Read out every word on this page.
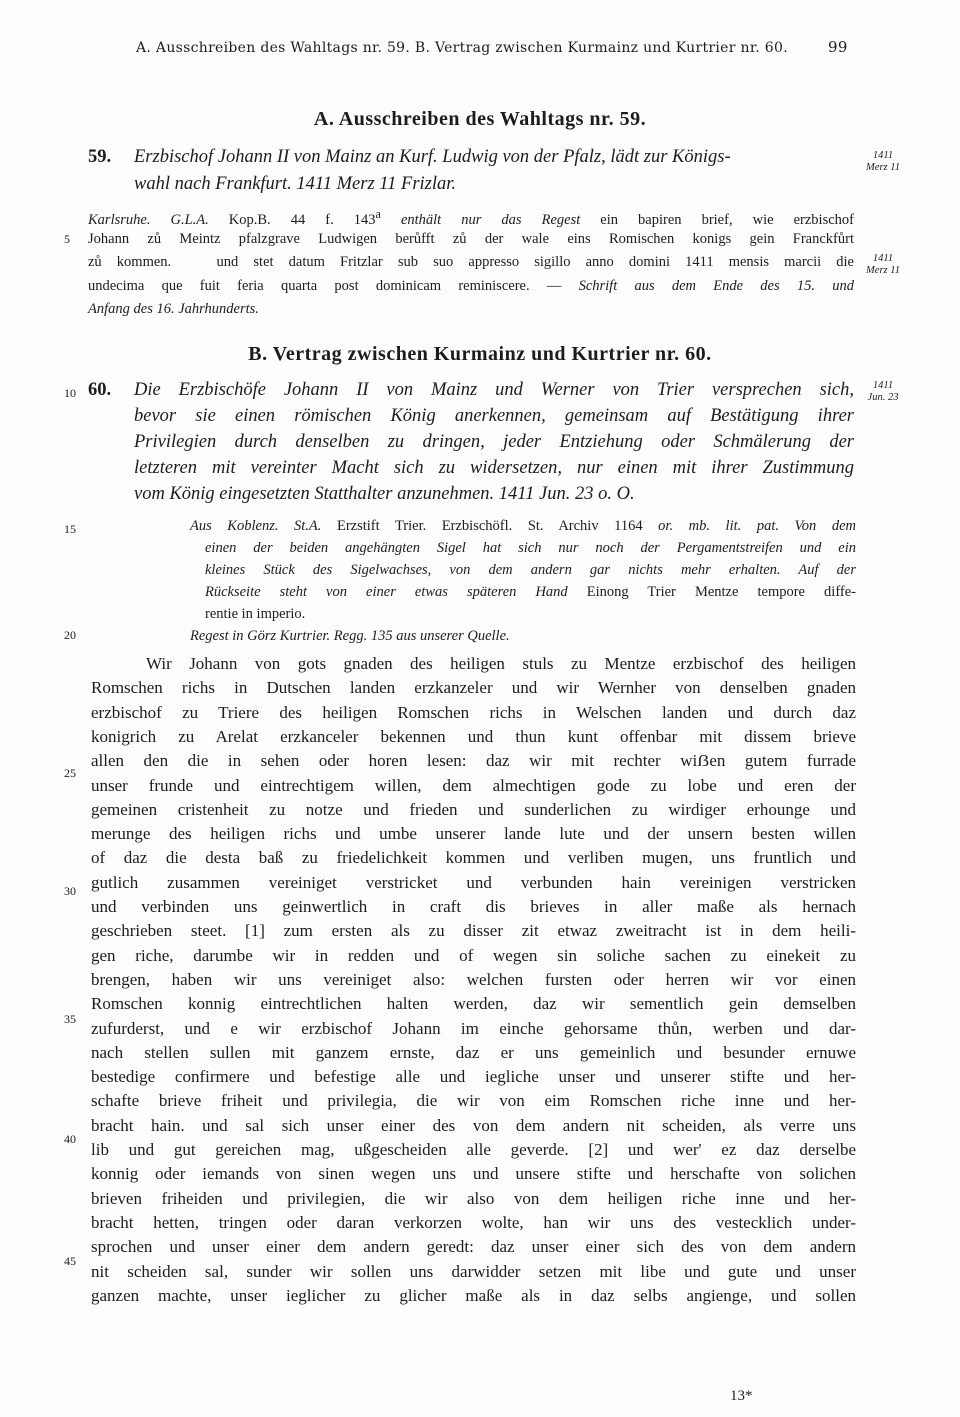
A. Ausschreiben des Wahltags nr. 59. B. Vertrag zwischen Kurmainz und Kurtrier nr. 60.	99
A. Ausschreiben des Wahltags nr. 59.
59. Erzbischof Johann II von Mainz an Kurf. Ludwig von der Pfalz, lädt zur Königs-
wahl nach Frankfurt. 1411 Merz 11 Frizlar.
1411
Merz 11
Karlsruhe. G.L.A. Kop.B. 44 f. 143$^a$ enthält nur das Regest ein bapiren brief, wie erzbischof
Johann zů Meintz pfalzgrave Ludwigen berůfft zů der wale eins Romischen konigs gein Franckfůrt
zů kommen.   und stet datum Fritzlar sub suo appresso sigillo anno domini 1411 mensis marcii die
undecima que fuit feria quarta post dominicam reminiscere. — Schrift aus dem Ende des 15. und
Anfang des 16. Jahrhunderts.
1411
Merz 11
B. Vertrag zwischen Kurmainz und Kurtrier nr. 60.
60. Die Erzbischöfe Johann II von Mainz und Werner von Trier versprechen sich,
bevor sie einen römischen König anerkennen, gemeinsam auf Bestätigung ihrer
Privilegien durch denselben zu dringen, jeder Entziehung oder Schmälerung der
letzteren mit vereinter Macht sich zu widersetzen, nur einen mit ihrer Zustimmung
vom König eingesetzten Statthalter anzunehmen. 1411 Jun. 23 o. O.
1411
Jun. 23
Aus Koblenz. St.A. Erzstift Trier. Erzbischöfl. St. Archiv 1164 or. mb. lit. pat. Von dem
einen der beiden angehängten Sigel hat sich nur noch der Pergamentstreifen und ein
kleines Stück des Sigelwachses, von dem andern gar nichts mehr erhalten. Auf der
Rückseite steht von einer etwas späteren Hand Einong Trier Mentze tempore diffe-
rentie in imperio.
Regest in Görz Kurtrier. Regg. 135 aus unserer Quelle.
5
10
15
20
25
30
35
40
45
Wir Johann von gots gnaden des heiligen stuls zu Mentze erzbischof des heiligen
Romschen richs in Dutschen landen erzkanzeler und wir Wernher von denselben gnaden
erzbischof zu Triere des heiligen Romschen richs in Welschen landen und durch daz
konigrich zu Arelat erzkanceler bekennen und thun kunt offenbar mit dissem brieve
allen den die in sehen oder horen lesen: daz wir mit rechter wiẞen gutem furrade
unser frunde und eintrechtigem willen, dem almechtigen gode zu lobe und eren der
gemeinen cristenheit zu notze und frieden und sunderlichen zu wirdiger erhounge und
merunge des heiligen richs und umbe unserer lande lute und der unsern besten willen
of daz die desta baß zu friedelichkeit kommen und verliben mugen, uns fruntlich und
gutlich zusammen vereiniget verstricket und verbunden hain vereinigen verstricken
und verbinden uns geinwertlich in craft dis brieves in aller maße als hernach
geschrieben steet. [1] zum ersten als zu disser zit etwaz zweitracht ist in dem heili-
gen riche, darumbe wir in redden und of wegen sin soliche sachen zu einekeit zu
brengen, haben wir uns vereiniget also: welchen fursten oder herren wir vor einen
Romschen konnig eintrechtlichen halten werden, daz wir sementlich gein demselben
zufurderst, und e wir erzbischof Johann im einche gehorsame thůn, werben und dar-
nach stellen sullen mit ganzem ernste, daz er uns gemeinlich und besunder ernuwe
bestedige confirmere und befestige alle und iegliche unser und unserer stifte und her-
schafte brieve friheit und privilegia, die wir von eim Romschen riche inne und her-
bracht hain. und sal sich unser einer des von dem andern nit scheiden, als verre uns
lib und gut gereichen mag, ußgescheiden alle geverde. [2] und wer' ez daz derselbe
konnig oder iemands von sinen wegen uns und unsere stifte und herschafte von solichen
brieven friheiden und privilegien, die wir also von dem heiligen riche inne und her-
bracht hetten, tringen oder daran verkorzen wolte, han wir uns des vestecklich under-
sprochen und unser einer dem andern geredt: daz unser einer sich des von dem andern
nit scheiden sal, sunder wir sollen uns darwidder setzen mit libe und gute und unser
ganzen machte, unser ieglicher zu glicher maße als in daz selbs angienge, und sollen
13*
